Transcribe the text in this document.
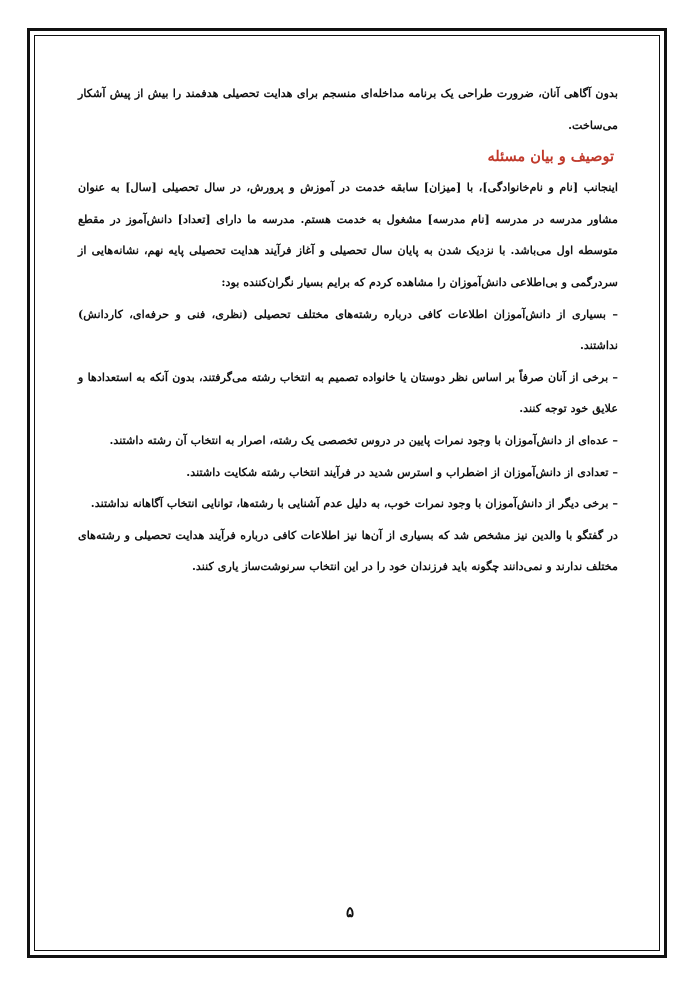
بدون آگاهی آنان، ضرورت طراحی یک برنامه مداخله‌ای منسجم برای هدایت تحصیلی هدفمند را بیش از پیش آشکار می‌ساخت.

توصیف و بیان مسئله

اینجانب [نام و نام‌خانوادگی]، با [میزان] سابقه خدمت در آموزش و پرورش، در سال تحصیلی [سال] به عنوان مشاور مدرسه در مدرسه [نام مدرسه] مشغول به خدمت هستم. مدرسه ما دارای [تعداد] دانش‌آموز در مقطع متوسطه اول می‌باشد. با نزدیک شدن به پایان سال تحصیلی و آغاز فرآیند هدایت تحصیلی پایه نهم، نشانه‌هایی از سردرگمی و بی‌اطلاعی دانش‌آموزان را مشاهده کردم که برایم بسیار نگران‌کننده بود:

– بسیاری از دانش‌آموزان اطلاعات کافی درباره رشته‌های مختلف تحصیلی (نظری، فنی و حرفه‌ای، کاردانش) نداشتند.

– برخی از آنان صرفاً بر اساس نظر دوستان یا خانواده تصمیم به انتخاب رشته می‌گرفتند، بدون آنکه به استعدادها و علایق خود توجه کنند.

– عده‌ای از دانش‌آموزان با وجود نمرات پایین در دروس تخصصی یک رشته، اصرار به انتخاب آن رشته داشتند.

– تعدادی از دانش‌آموزان از اضطراب و استرس شدید در فرآیند انتخاب رشته شکایت داشتند.

– برخی دیگر از دانش‌آموزان با وجود نمرات خوب، به دلیل عدم آشنایی با رشته‌ها، توانایی انتخاب آگاهانه نداشتند.

در گفتگو با والدین نیز مشخص شد که بسیاری از آن‌ها نیز اطلاعات کافی درباره فرآیند هدایت تحصیلی و رشته‌های مختلف ندارند و نمی‌دانند چگونه باید فرزندان خود را در این انتخاب سرنوشت‌ساز یاری کنند.

۵
